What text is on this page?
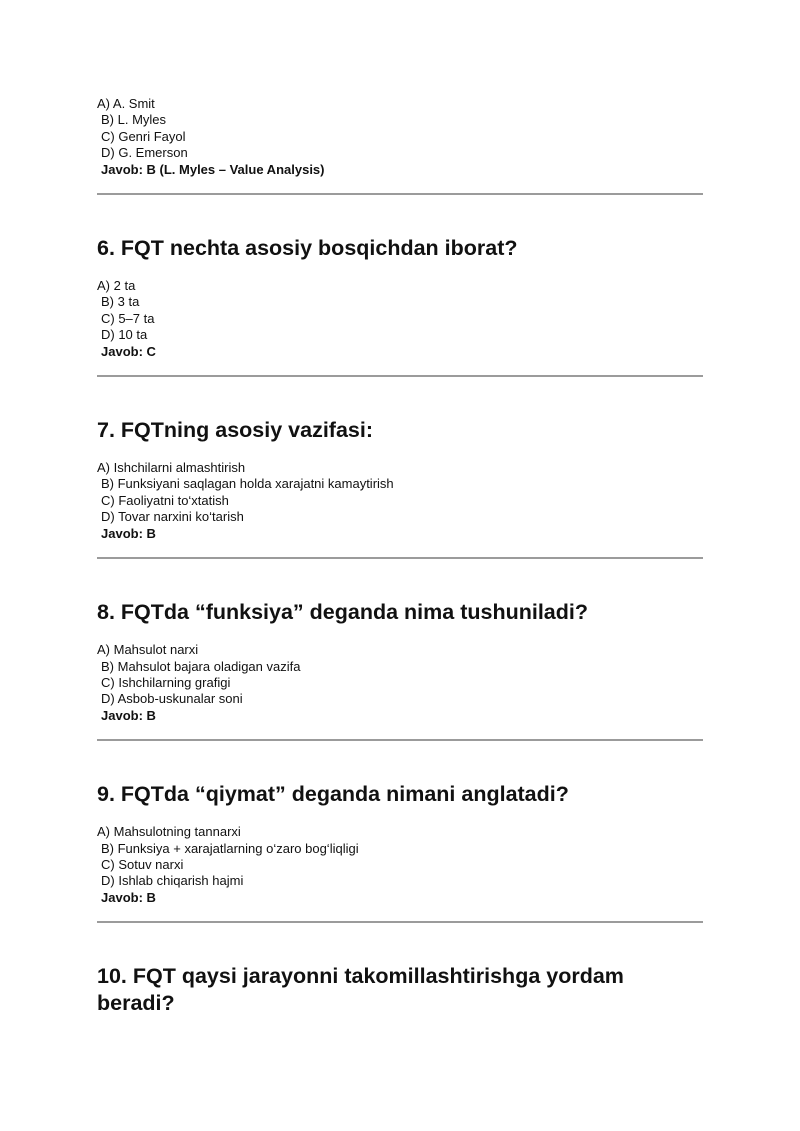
A) A. Smit
B) L. Myles
C) Genri Fayol
D) G. Emerson
Javob: B (L. Myles – Value Analysis)
6. FQT nechta asosiy bosqichdan iborat?
A) 2 ta
B) 3 ta
C) 5–7 ta
D) 10 ta
Javob: C
7. FQTning asosiy vazifasi:
A) Ishchilarni almashtirish
B) Funksiyani saqlagan holda xarajatni kamaytirish
C) Faoliyatni to‘xtatish
D) Tovar narxini ko‘tarish
Javob: B
8. FQTda “funksiya” deganda nima tushuniladi?
A) Mahsulot narxi
B) Mahsulot bajara oladigan vazifa
C) Ishchilarning grafigi
D) Asbob-uskunalar soni
Javob: B
9. FQTda “qiymat” deganda nimani anglatadi?
A) Mahsulotning tannarxi
B) Funksiya + xarajatlarning o‘zaro bog‘liqligi
C) Sotuv narxi
D) Ishlab chiqarish hajmi
Javob: B
10. FQT qaysi jarayonni takomillashtirishga yordam
beradi?
